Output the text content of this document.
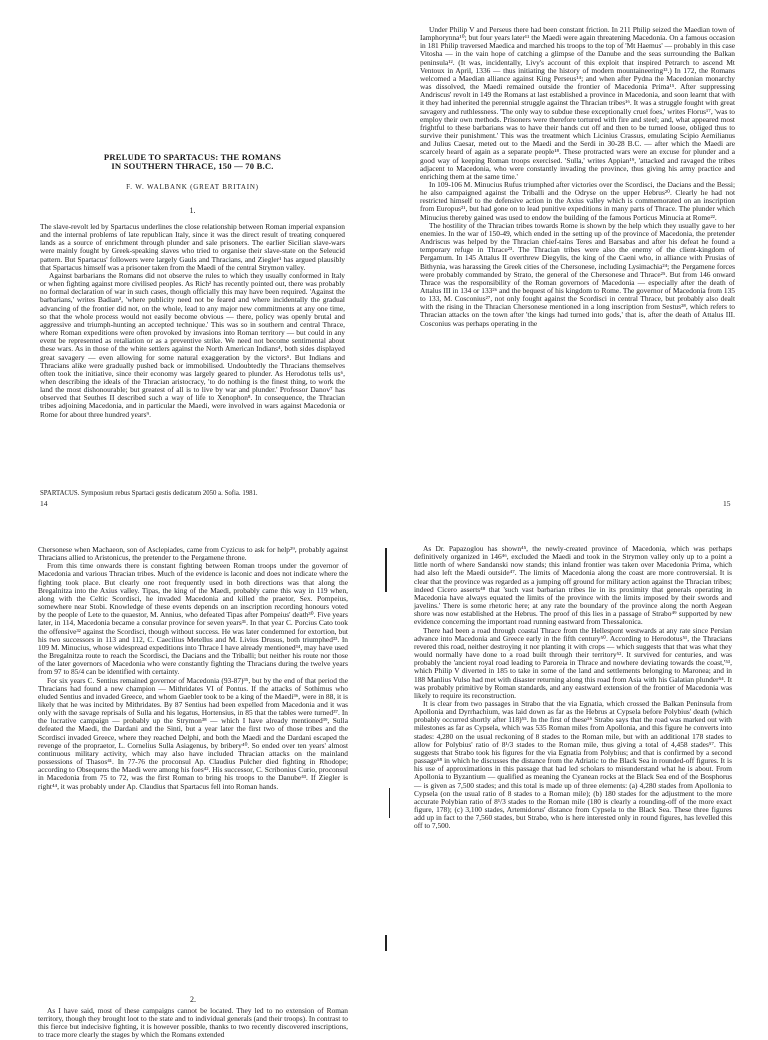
PRELUDE TO SPARTACUS: THE ROMANS
IN SOUTHERN THRACE, 150 — 70 B.C.
F. W. WALBANK (GREAT BRITAIN)
1.

The slave-revolt led by Spartacus underlines the close relationship between Roman imperial expansion and the internal problems of late republican Italy, since it was the direct result of treating conquered lands as a source of enrichment through plunder and sale prisoners. The earlier Sicilian slave-wars were mainly fought by Greek-speaking slaves who tried to organise their slave-state on the Seleucid pattern. But Spartacus' followers were largely Gauls and Thracians, and Ziegler¹ has argued plausibly that Spartacus himself was a prisoner taken from the Maedi of the central Strymon valley.

Against barbarians the Romans did not observe the rules to which they usually conformed in Italy or when fighting against more civilised peoples. As Rich² has recently pointed out, there was probably no formal declaration of war in such cases, though officially this may have been required. 'Against the barbarians,' writes Badian³, 'where publicity need not be feared and where incidentally the gradual advancing of the frontier did not, on the whole, lead to any major new commitments at any one time, so that the whole process would not easily become obvious — there, policy was openly brutal and aggressive and triumph-hunting an accepted technique.' This was so in southern and central Thrace, where Roman expeditions were often provoked by invasions into Roman territory — but could in any event be represented as retaliation or as a preventive strike. We need not become sentimental about these wars. As in those of the white settlers against the North American Indians⁴, both sides displayed great savagery — even allowing for some natural exaggeration by the victors⁵. But Indians and Thracians alike were gradually pushed back or immobilised. Undoubtedly the Thracians themselves often took the initiative, since their economy was largely geared to plunder. As Herodotus tells us⁶, when describing the ideals of the Thracian aristocracy, 'to do nothing is the finest thing, to work the land the most dishonourable; but greatest of all is to live by war and plunder.' Professor Danov⁷ has observed that Seuthes II described such a way of life to Xenophon⁸. In consequence, the Thracian tribes adjoining Macedonia, and in particular the Maedi, were involved in wars against Macedonia or Rome for about three hundred years⁹.

SPARTACUS. Symposium rebus Spartaci gestis dedicatum 2050 a. Sofia. 1981.
14

Under Philip V and Perseus there had been constant friction. In 211 Philip seized the Maedian town of Iamphorynna¹⁰; but four years later¹¹ the Maedi were again threatening Macedonia. On a famous occasion in 181 Philip traversed Maedica and marched his troops to the top of 'Mt Haemus' — probably in this case Vitosha — in the vain hope of catching a glimpse of the Danube and the seas surrounding the Balkan peninsula¹². (It was, incidentally, Livy's account of this exploit that inspired Petrarch to ascend Mt Ventoux in April, 1336 — thus initiating the history of modern mountaineering¹³.) In 172, the Romans welcomed a Maedian alliance against King Perseus¹⁴; and when after Pydna the Macedonian monarchy was dissolved, the Maedi remained outside the frontier of Macedonia Prima¹⁵. After suppressing Andriscus' revolt in 149 the Romans at last established a province in Macedonia, and soon learnt that with it they had inherited the perennial struggle against the Thracian tribes¹⁶. It was a struggle fought with great savagery and ruthlessness. 'The only way to subdue these exceptionally cruel foes,' writes Florus¹⁷, 'was to employ their own methods. Prisoners were therefore tortured with fire and steel; and, what appeared most frightful to these barbarians was to have their hands cut off and then to be turned loose, obliged thus to survive their punishment.' This was the treatment which Licinius Crassus, emulating Scipio Aemilianus and Julius Caesar, meted out to the Maedi and the Serdi in 30-28 B.C. — after which the Maedi are scarcely heard of again as a separate people¹⁸. These protracted wars were an excuse for plunder and a good way of keeping Roman troops exercised. 'Sulla,' writes Appian¹⁹, 'attacked and ravaged the tribes adjacent to Macedonia, who were constantly invading the province, thus giving his army practice and enriching them at the same time.'

In 109-106 M. Minucius Rufus triumphed after victories over the Scordisci, the Dacians and the Bessi; he also campaigned against the Triballi and the Odryse on the upper Hebrus²⁰. Clearly he had not restricted himself to the defensive action in the Axius valley which is commemorated on an inscription from Europus²¹, but had gone on to lead punitive expeditions in many parts of Thrace. The plunder which Minucius thereby gained was used to endow the building of the famous Porticus Minucia at Rome²².

The hostility of the Thracian tribes towards Rome is shown by the help which they usually gave to her enemies. In the war of 150-49, which ended in the setting up of the province of Macedonia, the pretender Andriscus was helped by the Thracian chief-tains Teres and Barsabas and after his defeat he found a temporary refuge in Thrace²³. The Thracian tribes were also the enemy of the client-kingdom of Pergamum. In 145 Attalus II overthrew Diegylis, the king of the Caeni who, in alliance with Prusias of Bithynia, was harassing the Greek cities of the Chersonese, including Lysimachia²⁴; the Pergamene forces were probably commanded by Strato, the general of the Chersonese and Thrace²⁵. But from 146 onward Thrace was the responsibility of the Roman governors of Macedonia — especially after the death of Attalus III in 134 or 133²⁶ and the bequest of his kingdom to Rome. The governor of Macedonia from 135 to 133, M. Cosconius²⁷, not only fought against the Scordisci in central Thrace, but probably also dealt with the rising in the Thracian Chersonese mentioned in a long inscription from Sestus²⁸, which refers to Thracian attacks on the town after 'the kings had turned into gods,' that is, after the death of Attalus III. Cosconius was perhaps operating in the

15

Chersonese when Machaeon, son of Asclepiades, came from Cyzicus to ask for help²⁹, probably against Thracians allied to Aristonicus, the pretender to the Pergamene throne.

From this time onwards there is constant fighting between Roman troops under the governor of Macedonia and various Thracian tribes. Much of the evidence is laconic and does not indicate where the fighting took place. But clearly one root frequently used in both directions was that along the Bregalnitza into the Axius valley. Tipas, the king of the Maedi, probably came this way in 119 when, along with the Celtic Scordisci, he invaded Macedonia and killed the praetor, Sex. Pompeius, somewhere near Stobi. Knowledge of these events depends on an inscription recording honours voted by the people of Lete to the quaestor, M. Annius, who defeated Tipas after Pompeius' death³⁰. Five years later, in 114, Macedonia became a consular province for seven years³¹. In that year C. Porcius Cato took the offensive³² against the Scordisci, though without success. He was later condemned for extortion, but his two successors in 113 and 112, C. Caecilius Metellus and M. Livius Drusus, both triumphed³³. In 109 M. Minucius, whose widespread expeditions into Thrace I have already mentioned³⁴, may have used the Bregalnitza route to reach the Scordisci, the Dacians and the Triballi; but neither his route nor those of the later governors of Macedonia who were constantly fighting the Thracians during the twelve years from 97 to 85/4 can be identified with certainty.

For six years C. Sentius remained governor of Macedonia (93-87)³⁵, but by the end of that period the Thracians had found a new champion — Mithridates VI of Pontus. If the attacks of Sothimus who eluded Sentius and invaded Greece, and whom Gaebler took to be a king of the Maedi³⁶, were in 88, it is likely that he was incited by Mithridates. By 87 Sentius had been expelled from Macedonia and it was only with the savage reprisals of Sulla and his legatus, Hortensius, in 85 that the tables were turned³⁷. In the lucrative campaign — probably up the Strymon³⁸ — which I have already mentioned³⁹, Sulla defeated the Maedi, the Dardani and the Sinti, but a year later the first two of those tribes and the Scordisci invaded Greece, where they reached Delphi, and both the Maedi and the Dardani escaped the revenge of the propraetor, L. Cornelius Sulla Asiagenus, by bribery⁴⁰. So ended over ten years' almost continuous military activity, which may also have included Thracian attacks on the mainland possessions of Thasos⁴¹. In 77-76 the proconsul Ap. Claudius Pulcher died fighting in Rhodope; according to Obsequens the Maedi were among his foes⁴². His successor, C. Scribonius Curio, proconsul in Macedonia from 75 to 72, was the first Roman to bring his troops to the Danube⁴³. If Ziegler is right⁴⁴, it was probably under Ap. Claudius that Spartacus fell into Roman hands.

2.

As I have said, most of these campaigns cannot be located. They led to no extension of Roman territory, though they brought loot to the state and to individual generals (and their troops). In contrast to this fierce but indecisive fighting, it is however possible, thanks to two recently discovered inscriptions, to trace more clearly the stages by which the Romans extended

As Dr. Papazoglou has shown⁴⁵, the newly-created province of Macedonia, which was perhaps definitively organized in 146⁴⁶, excluded the Maedi and took in the Strymon valley only up to a point a little north of where Sandanski now stands; this inland frontier was taken over Macedonia Prima, which had also left the Maedi outside⁴⁷. The limits of Macedonia along the coast are more controversial. It is clear that the province was regarded as a jumping off ground for military action against the Thracian tribes; indeed Cicero asserts⁴⁸ that 'such vast barbarian tribes lie in its proximity that generals operating in Macedonia have always equated the limits of the province with the limits imposed by their swords and javelins.' There is some rhetoric here; at any rate the boundary of the province along the north Aegean shore was now established at the Hebrus. The proof of this lies in a passage of Strabo⁴⁹ supported by new evidence concerning the important road running eastward from Thessalonica.

There had been a road through coastal Thrace from the Hellespont westwards at any rate since Persian advance into Macedonia and Greece early in the fifth century⁵⁰. According to Herodotus⁵¹, the Thracians revered this road, neither destroying it nor planting it with crops — which suggests that that was what they would normally have done to a road built through their territory⁵². It survived for centuries, and was probably the 'ancient royal road leading to Paroreia in Thrace and nowhere deviating towards the coast,'⁵³, which Philip V diverted in 185 to take in some of the land and settlements belonging to Maronea; and in 188 Manlius Vulso had met with disaster returning along this road from Asia with his Galatian plunder⁵⁴. It was probably primitive by Roman standards, and any eastward extension of the frontier of Macedonia was likely to require its reconstruction.

It is clear from two passages in Strabo that the via Egnatia, which crossed the Balkan Peninsula from Apollonia and Dyrrhachium, was laid down as far as the Hebrus at Cypsela before Polybius' death (which probably occurred shortly after 118)⁵⁵. In the first of these⁵⁶ Strabo says that the road was marked out with milestones as far as Cypsela, which was 535 Roman miles from Apollonia, and this figure he converts into stades: 4,280 on the usual reckoning of 8 stades to the Roman mile, but with an additional 178 stades to allow for Polybius' ratio of 8¹/3 stades to the Roman mile, thus giving a total of 4,458 stades⁵⁷. This suggests that Strabo took his figures for the via Egnatia from Polybius; and that is confirmed by a second passage⁵⁸ in which he discusses the distance from the Adriatic to the Black Sea in rounded-off figures. It is his use of approximations in this passage that had led scholars to misunderstand what he is about. From Apollonia to Byzantium — qualified as meaning the Cyanean rocks at the Black Sea end of the Bosphorus — is given as 7,500 stades; and this total is made up of three elements: (a) 4,280 stades from Apollonia to Cypsela (on the usual ratio of 8 stades to a Roman mile); (b) 180 stades for the adjustment to the more accurate Polybian ratio of 8¹/3 stades to the Roman mile (180 is clearly a rounding-off of the more exact figure, 178); (c) 3,100 stades, Artemidorus' distance from Cypsela to the Black Sea. These three figures add up in fact to the 7,560 stades, but Strabo, who is here interested only in round figures, has levelled this off to 7,500.
